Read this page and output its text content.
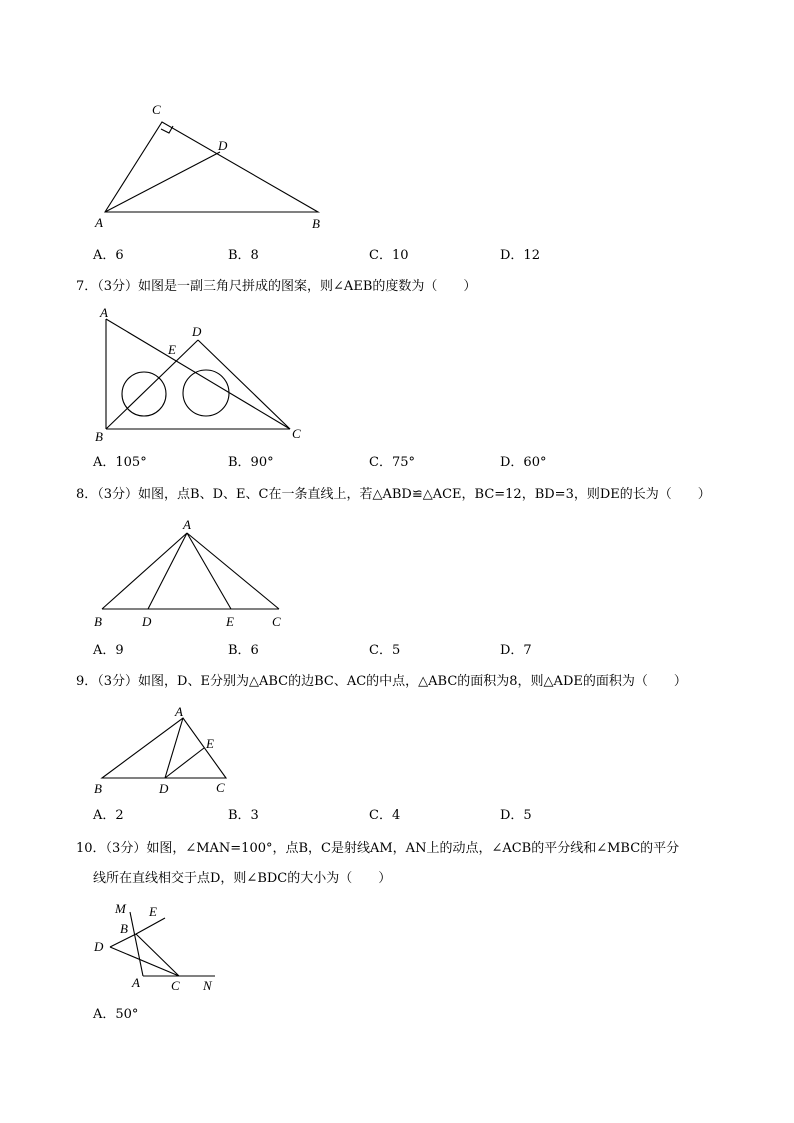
C
D
A	B
A．6	B．8	C．10	D．12
7．（3分）如图是一副三角尺拼成的图案，则∠AEB的度数为（　　）
A
D
E
B	C
A．105°	B．90°	C．75°	D．60°
8．（3分）如图，点B、D、E、C在一条直线上，若△ABD≌△ACE，BC=12，BD=3，则DE的长为（　　）
A
B	D	E	C
A．9	B．6	C．5	D．7
9．（3分）如图，D、E分别为△ABC的边BC、AC的中点，△ABC的面积为8，则△ADE的面积为（　　）
A
E
B	D	C
A．2	B．3	C．4	D．5
10．（3分）如图，∠MAN=100°，点B，C是射线AM，AN上的动点，∠ACB的平分线和∠MBC的平分
线所在直线相交于点D，则∠BDC的大小为（　　）
M E
B
D
A C N
A．50°
